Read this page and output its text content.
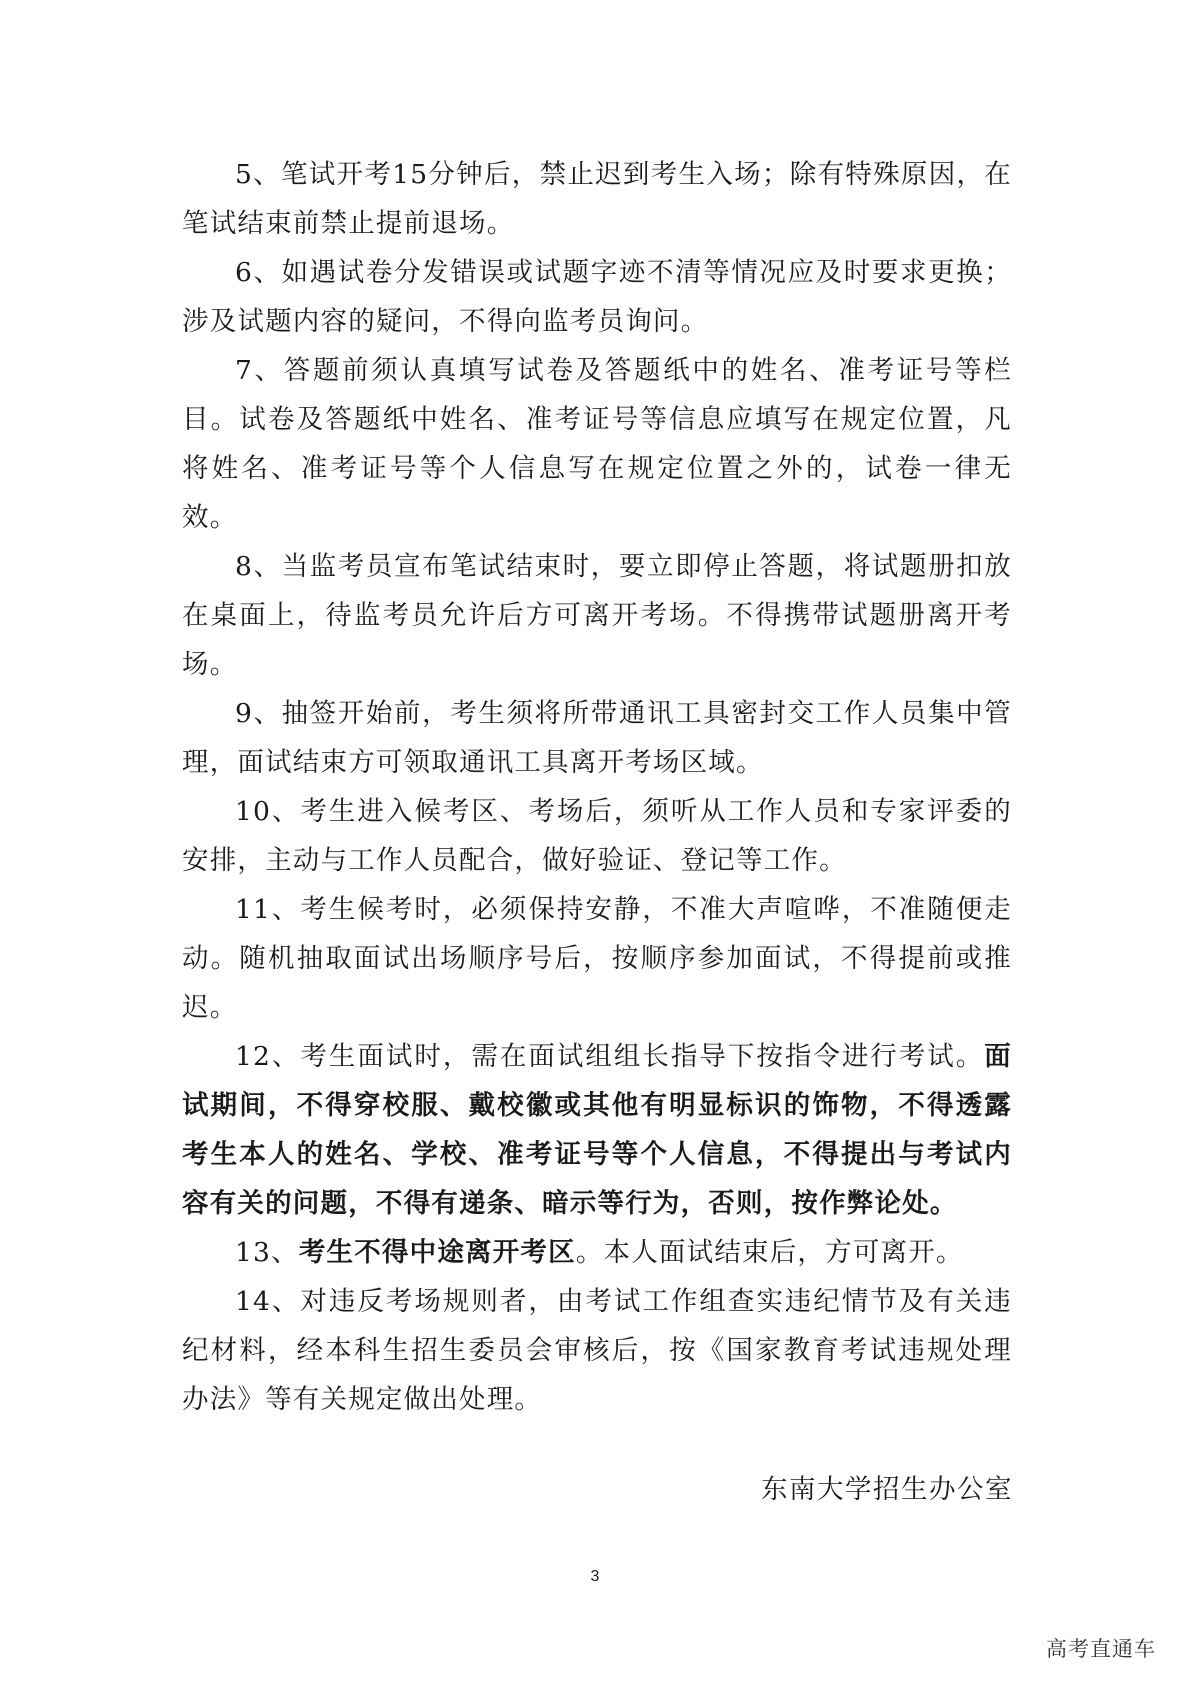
5、笔试开考15分钟后，禁止迟到考生入场；除有特殊原因，在笔试结束前禁止提前退场。

6、如遇试卷分发错误或试题字迹不清等情况应及时要求更换；涉及试题内容的疑问，不得向监考员询问。

7、答题前须认真填写试卷及答题纸中的姓名、准考证号等栏目。试卷及答题纸中姓名、准考证号等信息应填写在规定位置，凡将姓名、准考证号等个人信息写在规定位置之外的，试卷一律无效。

8、当监考员宣布笔试结束时，要立即停止答题，将试题册扣放在桌面上，待监考员允许后方可离开考场。不得携带试题册离开考场。

9、抽签开始前，考生须将所带通讯工具密封交工作人员集中管理，面试结束方可领取通讯工具离开考场区域。

10、考生进入候考区、考场后，须听从工作人员和专家评委的安排，主动与工作人员配合，做好验证、登记等工作。

11、考生候考时，必须保持安静，不准大声喧哗，不准随便走动。随机抽取面试出场顺序号后，按顺序参加面试，不得提前或推迟。

12、考生面试时，需在面试组组长指导下按指令进行考试。面试期间，不得穿校服、戴校徽或其他有明显标识的饰物，不得透露考生本人的姓名、学校、准考证号等个人信息，不得提出与考试内容有关的问题，不得有递条、暗示等行为，否则，按作弊论处。

13、考生不得中途离开考区。本人面试结束后，方可离开。

14、对违反考场规则者，由考试工作组查实违纪情节及有关违纪材料，经本科生招生委员会审核后，按《国家教育考试违规处理办法》等有关规定做出处理。

东南大学招生办公室
3
高考直通车
